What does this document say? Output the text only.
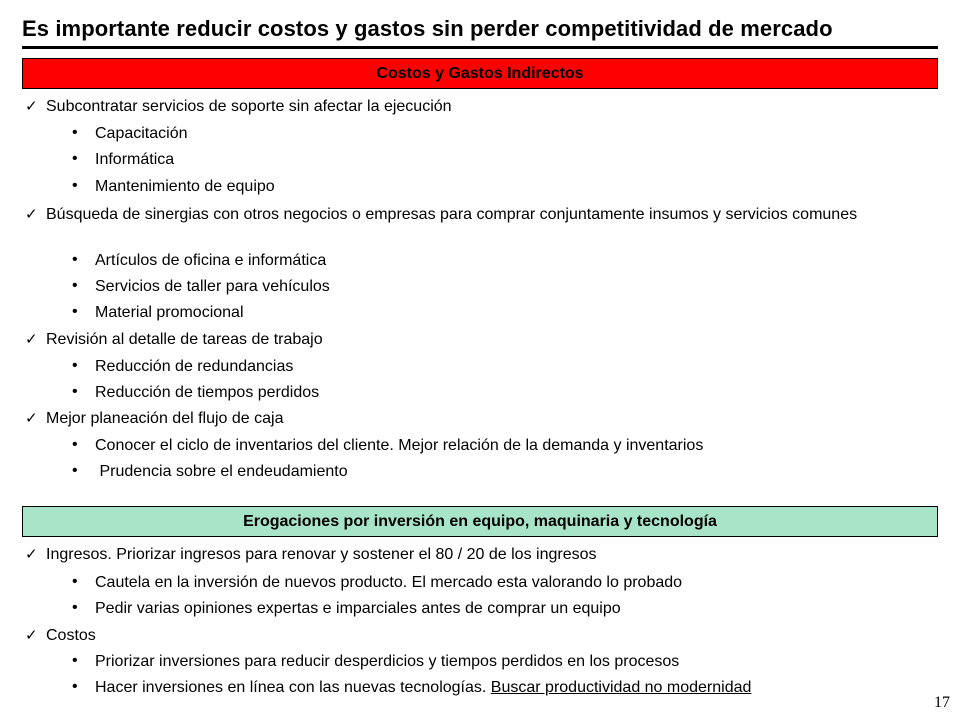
Es importante reducir costos y gastos sin perder competitividad de mercado
Costos y Gastos Indirectos
✓ Subcontratar servicios de soporte sin afectar la ejecución
• Capacitación
• Informática
• Mantenimiento de equipo
✓ Búsqueda de sinergias con otros negocios o empresas para comprar conjuntamente insumos y servicios comunes
• Artículos de oficina e informática
• Servicios de taller para vehículos
• Material promocional
✓ Revisión al detalle de tareas de trabajo
• Reducción de redundancias
• Reducción de tiempos perdidos
✓ Mejor planeación del flujo de caja
• Conocer el ciclo de inventarios del cliente. Mejor relación de la demanda y inventarios
• Prudencia sobre el endeudamiento
Erogaciones por inversión en equipo, maquinaria y tecnología
✓ Ingresos. Priorizar ingresos para renovar y sostener el 80 / 20 de los ingresos
• Cautela en la inversión de nuevos producto. El mercado esta valorando lo probado
• Pedir varias opiniones expertas e imparciales antes de comprar un equipo
✓ Costos
• Priorizar inversiones para reducir desperdicios y tiempos perdidos en los procesos
• Hacer inversiones en línea con las nuevas tecnologías. Buscar productividad no modernidad
17
